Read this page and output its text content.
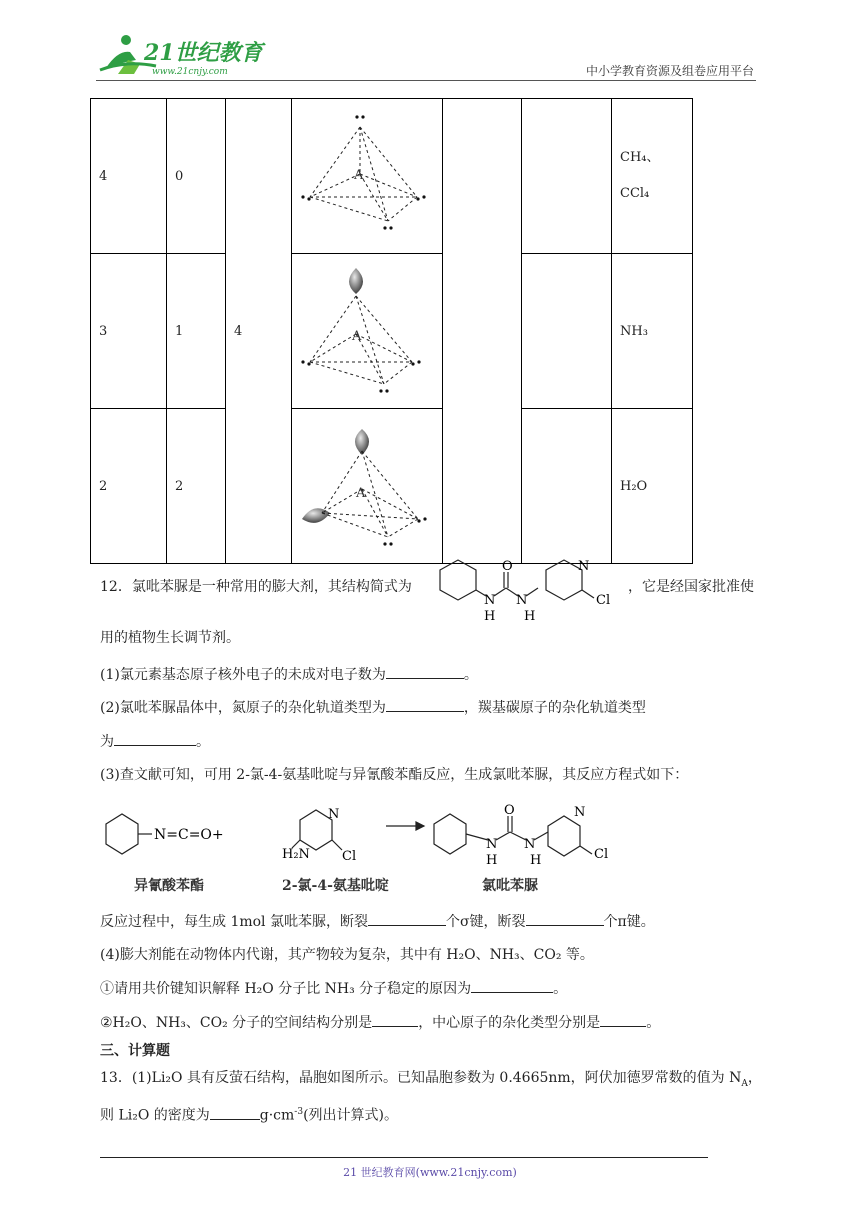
21世纪教育
www.21cnjy.com	中小学教育资源及组卷应用平台
4	0	4	A			CH₄、
CCl₄

3	1		A			NH₃
2	2		A			H₂O
12．氯吡苯脲是一种常用的膨大剂，其结构简式为
N
H
O
N
H
N
Cl
，它是经国家批准使
用的植物生长调节剂。
(1)氯元素基态原子核外电子的未成对电子数为	。
(2)氯吡苯脲晶体中，氮原子的杂化轨道类型为	，羰基碳原子的杂化轨道类型
为	。
(3)查文献可知，可用 2-氯-4-氨基吡啶与异氰酸苯酯反应，生成氯吡苯脲，其反应方程式如下：
N=C=O+
N
H₂N Cl
N
H
O
N
H
N
Cl
异氰酸苯酯	2-氯-4-氨基吡啶	氯吡苯脲
反应过程中，每生成 1mol 氯吡苯脲，断裂	个σ键，断裂	个π键。
(4)膨大剂能在动物体内代谢，其产物较为复杂，其中有 H₂O、NH₃、CO₂ 等。
①请用共价键知识解释 H₂O 分子比 NH₃ 分子稳定的原因为	。
②H₂O、NH₃、CO₂ 分子的空间结构分别是	，中心原子的杂化类型分别是	。
三、计算题
13．(1)Li₂O 具有反萤石结构，晶胞如图所示。已知晶胞参数为 0.4665nm，阿伏加德罗常数的值为 $N_A$，
则 Li₂O 的密度为	$g\cdot cm^{-3}$(列出计算式)。
21 世纪教育网(www.21cnjy.com)
